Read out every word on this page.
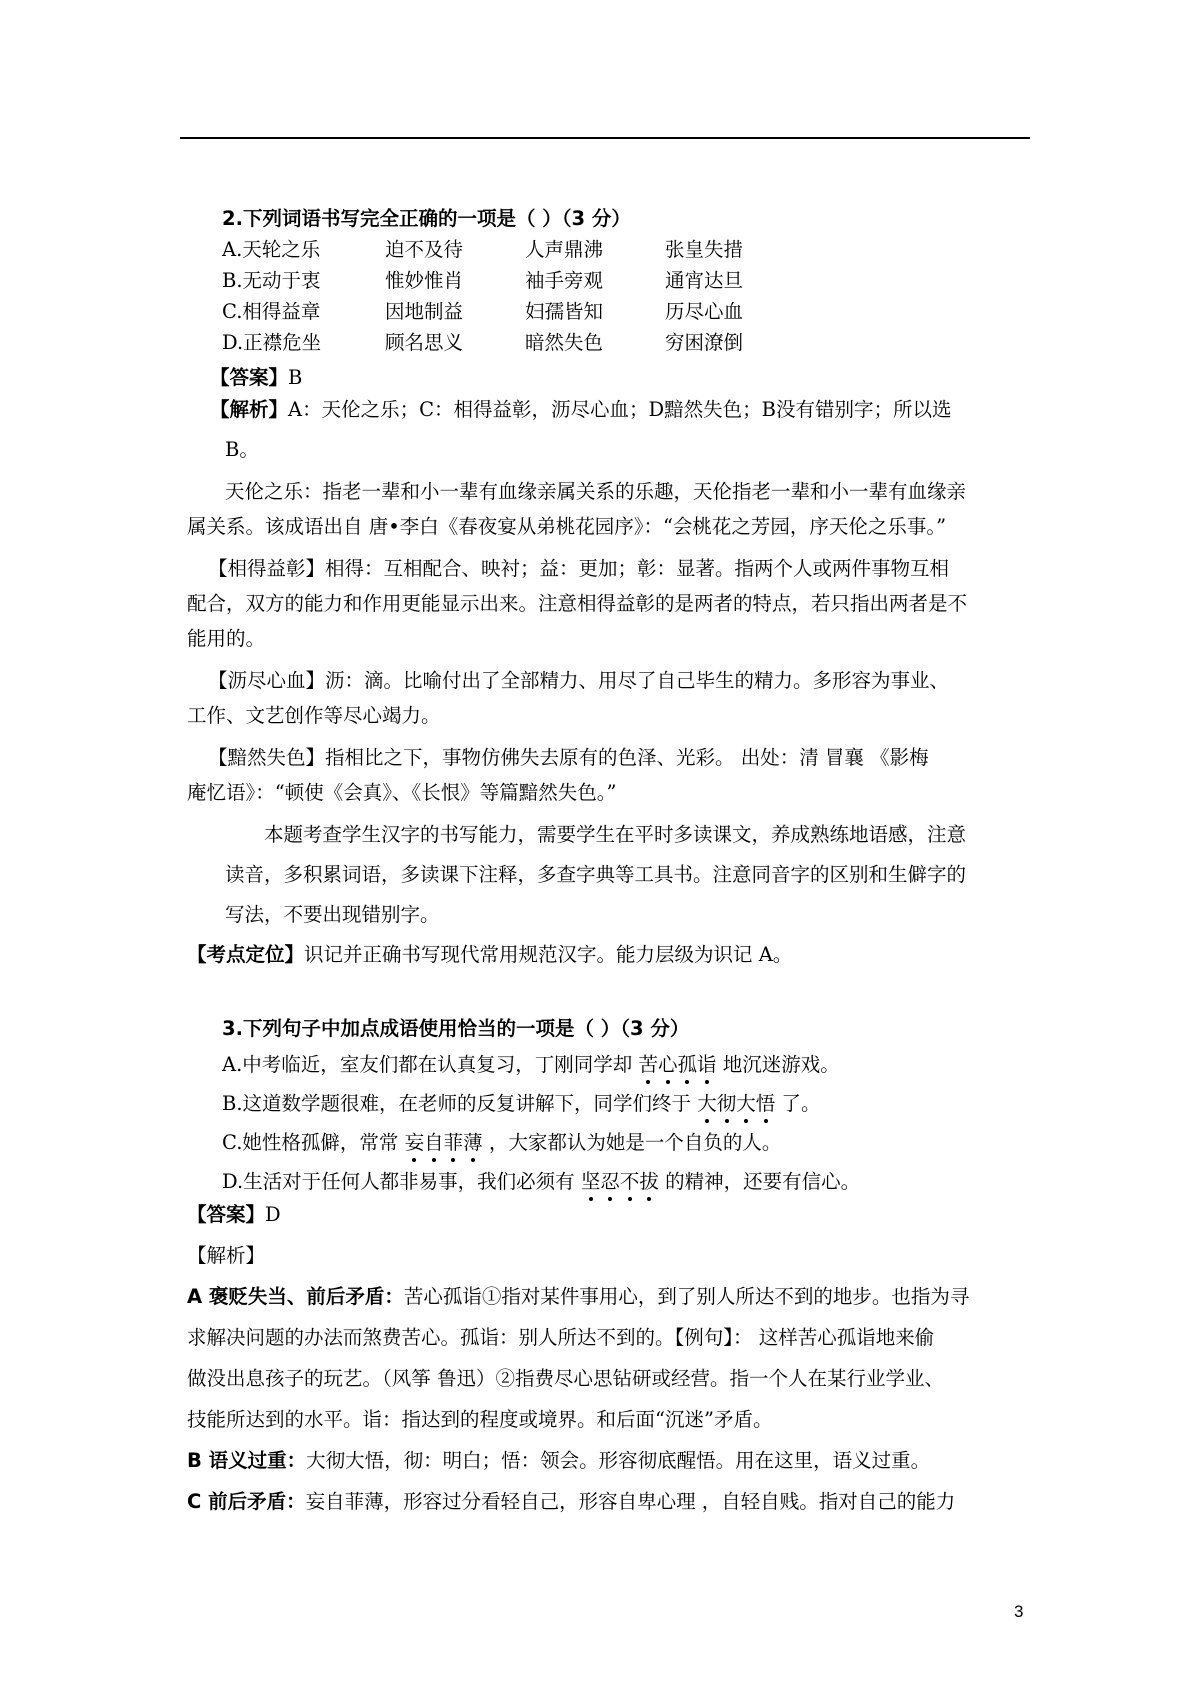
2.下列词语书写完全正确的一项是（ ）（3 分）
A.天轮之乐	迫不及待	人声鼎沸	张皇失措
B.无动于衷	惟妙惟肖	袖手旁观	通宵达旦
C.相得益章	因地制益	妇孺皆知	历尽心血
D.正襟危坐	顾名思义	暗然失色	穷困潦倒
【答案】B
【解析】A：天伦之乐；C：相得益彰，沥尽心血；D黯然失色；B没有错别字；所以选
B。
天伦之乐：指老一辈和小一辈有血缘亲属关系的乐趣，天伦指老一辈和小一辈有血缘亲
属关系。该成语出自 唐•李白《春夜宴从弟桃花园序》：“会桃花之芳园，序天伦之乐事。”
【相得益彰】相得：互相配合、映衬；益：更加；彰：显著。指两个人或两件事物互相
配合，双方的能力和作用更能显示出来。注意相得益彰的是两者的特点，若只指出两者是不
能用的。
【沥尽心血】沥：滴。比喻付出了全部精力、用尽了自己毕生的精力。多形容为事业、
工作、文艺创作等尽心竭力。
【黯然失色】指相比之下，事物仿佛失去原有的色泽、光彩。 出处：清 冒襄 《影梅
庵忆语》：“顿使《会真》、《长恨》等篇黯然失色。”
本题考查学生汉字的书写能力，需要学生在平时多读课文，养成熟练地语感，注意
读音，多积累词语，多读课下注释，多查字典等工具书。注意同音字的区别和生僻字的
写法，不要出现错别字。
【考点定位】识记并正确书写现代常用规范汉字。能力层级为识记 A。
3.下列句子中加点成语使用恰当的一项是（ ）（3 分）
A.中考临近，室友们都在认真复习，丁刚同学却 苦心孤诣 地沉迷游戏。
B.这道数学题很难，在老师的反复讲解下，同学们终于 大彻大悟 了。
C.她性格孤僻，常常 妄自菲薄 ，大家都认为她是一个自负的人。
D.生活对于任何人都非易事，我们必须有 坚忍不拔 的精神，还要有信心。
【答案】D
【解析】
A 褒贬失当、前后矛盾：苦心孤诣①指对某件事用心，到了别人所达不到的地步。也指为寻
求解决问题的办法而煞费苦心。孤诣：别人所达不到的。【例句】： 这样苦心孤诣地来偷
做没出息孩子的玩艺。（风筝 鲁迅）②指费尽心思钻研或经营。指一个人在某行业学业、
技能所达到的水平。诣：指达到的程度或境界。和后面“沉迷”矛盾。
B 语义过重：大彻大悟，彻：明白；悟：领会。形容彻底醒悟。用在这里，语义过重。
C 前后矛盾：妄自菲薄，形容过分看轻自己，形容自卑心理 ，自轻自贱。指对自己的能力
3
